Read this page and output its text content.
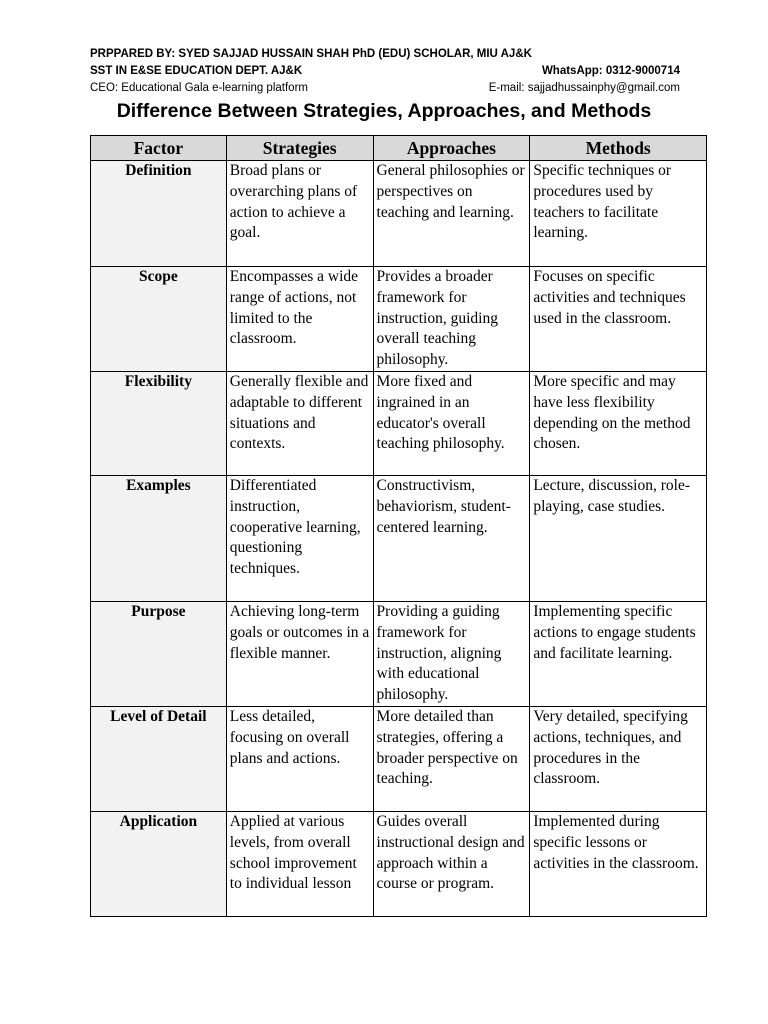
PRPPARED BY: SYED SAJJAD HUSSAIN SHAH PhD (EDU) SCHOLAR, MIU AJ&K
SST IN E&SE EDUCATION DEPT. AJ&K	WhatsApp: 0312-9000714
CEO: Educational Gala e-learning platform	E-mail: sajjadhussainphy@gmail.com
Difference Between Strategies, Approaches, and Methods
Factor	Strategies	Approaches	Methods
Definition	Broad plans or overarching plans of action to achieve a goal.	General philosophies or perspectives on teaching and learning.	Specific techniques or procedures used by teachers to facilitate learning.
Scope	Encompasses a wide range of actions, not limited to the classroom.	Provides a broader framework for instruction, guiding overall teaching philosophy.	Focuses on specific activities and techniques used in the classroom.
Flexibility	Generally flexible and adaptable to different situations and contexts.	More fixed and ingrained in an educator's overall teaching philosophy.	More specific and may have less flexibility depending on the method chosen.
Examples	Differentiated instruction, cooperative learning, questioning techniques.	Constructivism, behaviorism, student-centered learning.	Lecture, discussion, role-playing, case studies.
Purpose	Achieving long-term goals or outcomes in a flexible manner.	Providing a guiding framework for instruction, aligning with educational philosophy.	Implementing specific actions to engage students and facilitate learning.
Level of Detail	Less detailed, focusing on overall plans and actions.	More detailed than strategies, offering a broader perspective on teaching.	Very detailed, specifying actions, techniques, and procedures in the classroom.
Application	Applied at various levels, from overall school improvement to individual lesson	Guides overall instructional design and approach within a course or program.	Implemented during specific lessons or activities in the classroom.
